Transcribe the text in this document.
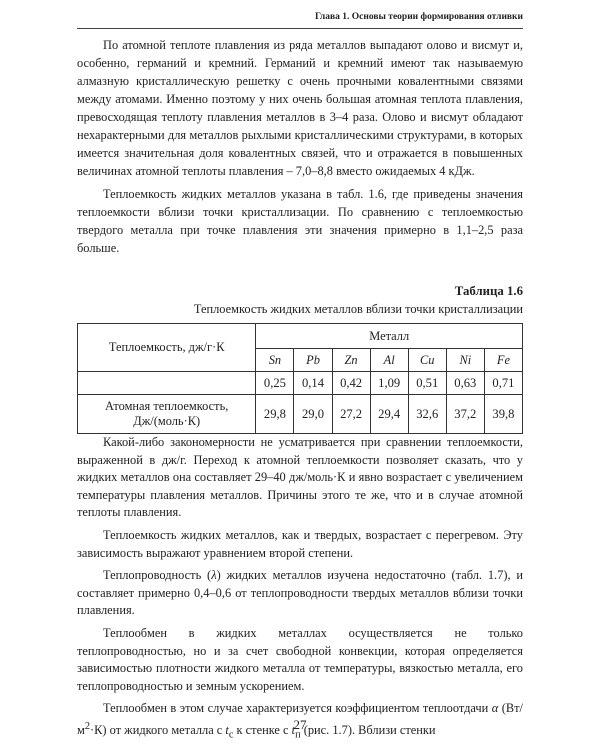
Глава 1. Основы теории формирования отливки

По атомной теплоте плавления из ряда металлов выпадают олово и висмут и, особенно, германий и кремний. Германий и кремний имеют так называемую алмазную кристаллическую решетку с очень прочными ковалентными связями между атомами. Именно поэтому у них очень большая атомная теплота плавления, превосходящая теплоту плавления металлов в 3–4 раза. Олово и висмут обладают нехарактерными для металлов рыхлыми кристаллическими структурами, в которых имеется значительная доля ковалентных связей, что и отражается в повышенных величинах атомной теплоты плавления – 7,0–8,8 вместо ожидаемых 4 кДж.

Теплоемкость жидких металлов указана в табл. 1.6, где приведены значения теплоемкости вблизи точки кристаллизации. По сравнению с теплоемкостью твердого металла при точке плавления эти значения примерно в 1,1–2,5 раза больше.

Таблица 1.6
Теплоемкость жидких металлов вблизи точки кристаллизации
Теплоемкость, дж/г·К	Металл						
	Sn	Pb	Zn	Al	Cu	Ni	Fe
	0,25	0,14	0,42	1,09	0,51	0,63	0,71
Атомная теплоемкость,
Дж/(моль·К)	29,8	29,0	27,2	29,4	32,6	37,2	39,8

Какой-либо закономерности не усматривается при сравнении теплоемкости, выраженной в дж/г. Переход к атомной теплоемкости позволяет сказать, что у жидких металлов она составляет 29–40 дж/моль·К и явно возрастает с увеличением температуры плавления металлов. Причины этого те же, что и в случае атомной теплоты плавления.

Теплоемкость жидких металлов, как и твердых, возрастает с перегревом. Эту зависимость выражают уравнением второй степени.

Теплопроводность (λ) жидких металлов изучена недостаточно (табл. 1.7), и составляет примерно 0,4–0,6 от теплопроводности твердых металлов вблизи точки плавления.

Теплообмен в жидких металлах осуществляется не только теплопроводностью, но и за счет свободной конвекции, которая определяется зависимостью плотности жидкого металла от температуры, вязкостью металла, его теплопроводностью и земным ускорением.

Теплообмен в этом случае характеризуется коэффициентом теплоотдачи α $(Вт/м^2\cdot К)$ от жидкого металла с $t_с$ к стенке с $t_п$ (рис. 1.7). Вблизи стенки

27
